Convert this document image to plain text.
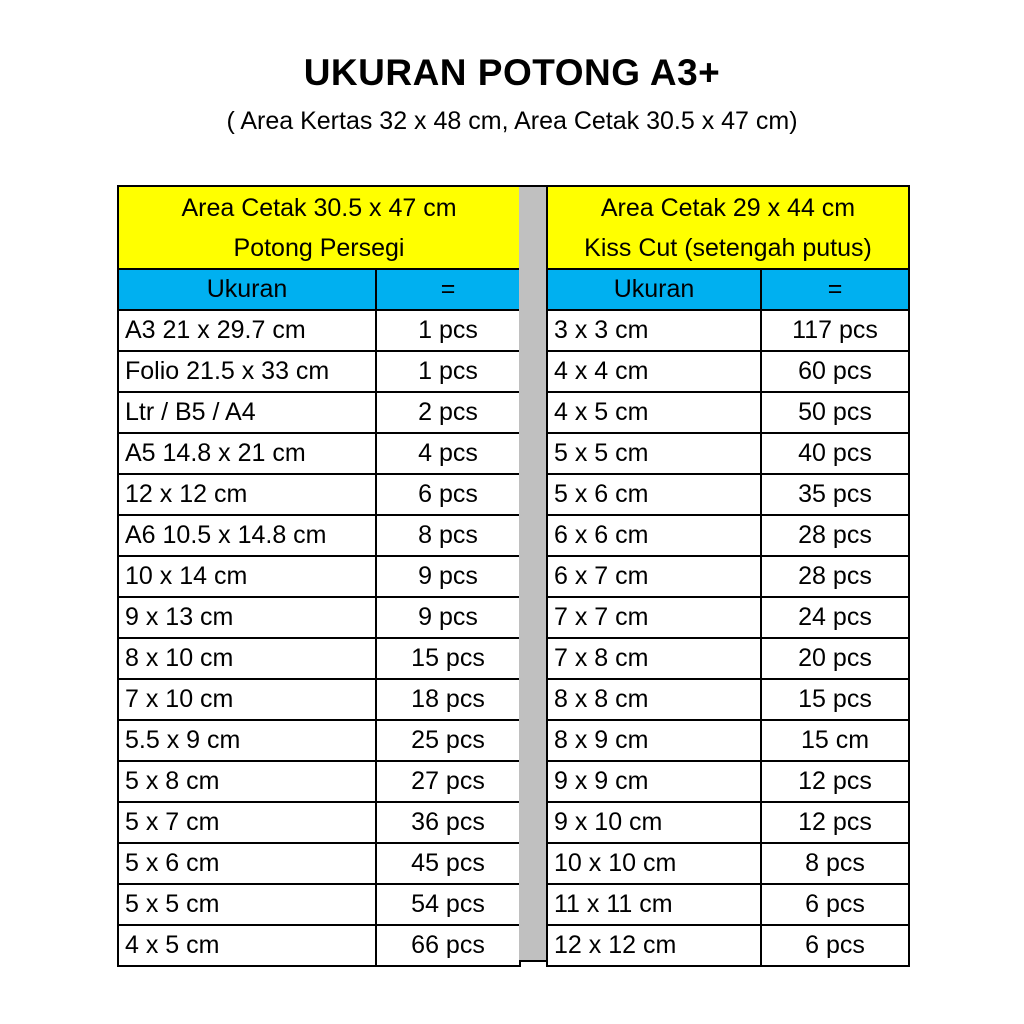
UKURAN POTONG A3+
( Area Kertas 32 x 48 cm, Area Cetak 30.5 x 47 cm)
Area Cetak 30.5 x 47 cm
Potong Persegi	

Ukuran	=
A3 21 x 29.7 cm	1 pcs
Folio 21.5 x 33 cm	1 pcs
Ltr / B5 / A4	2 pcs
A5 14.8 x 21 cm	4 pcs
12 x 12 cm	6 pcs
A6 10.5 x 14.8 cm	8 pcs
10 x 14 cm	9 pcs
9 x 13 cm	9 pcs
8 x 10 cm	15 pcs
7 x 10 cm	18 pcs
5.5 x 9 cm	25 pcs
5 x 8 cm	27 pcs
5 x 7 cm	36 pcs
5 x 6 cm	45 pcs
5 x 5 cm	54 pcs
4 x 5 cm	66 pcs
Area Cetak 29 x 44 cm
Kiss Cut (setengah putus)	

Ukuran	=
3 x 3 cm	117 pcs
4 x 4 cm	60 pcs
4 x 5 cm	50 pcs
5 x 5 cm	40 pcs
5 x 6 cm	35 pcs
6 x 6 cm	28 pcs
6 x 7 cm	28 pcs
7 x 7 cm	24 pcs
7 x 8 cm	20 pcs
8 x 8 cm	15 pcs
8 x 9 cm	15 cm
9 x 9 cm	12 pcs
9 x 10 cm	12 pcs
10 x 10 cm	8 pcs
11 x 11 cm	6 pcs
12 x 12 cm	6 pcs
